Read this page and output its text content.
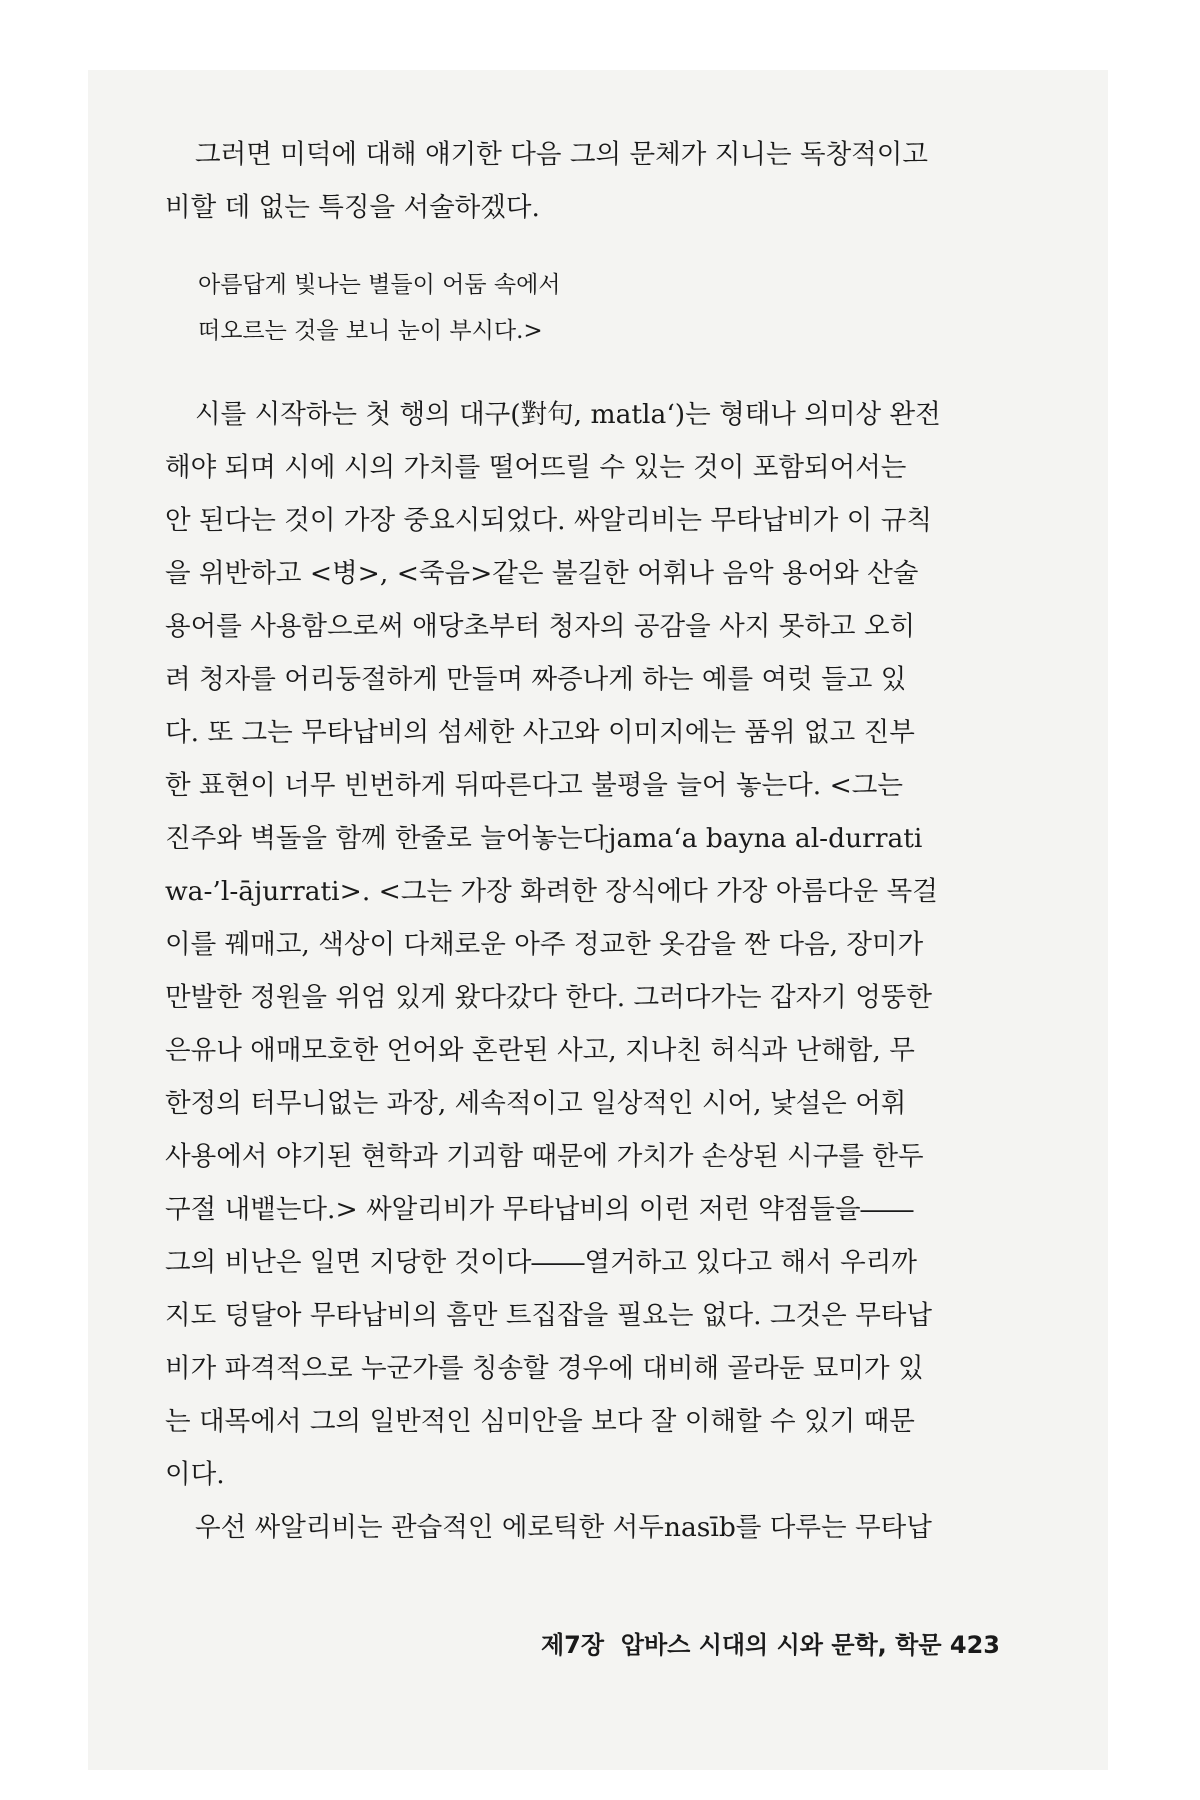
그러면 미덕에 대해 얘기한 다음 그의 문체가 지니는 독창적이고
비할 데 없는 특징을 서술하겠다.

아름답게 빛나는 별들이 어둠 속에서
떠오르는 것을 보니 눈이 부시다.>

시를 시작하는 첫 행의 대구(對句, matla‘)는 형태나 의미상 완전
해야 되며 시에 시의 가치를 떨어뜨릴 수 있는 것이 포함되어서는
안 된다는 것이 가장 중요시되었다. 싸알리비는 무타납비가 이 규칙
을 위반하고 <병>, <죽음>같은 불길한 어휘나 음악 용어와 산술
용어를 사용함으로써 애당초부터 청자의 공감을 사지 못하고 오히
려 청자를 어리둥절하게 만들며 짜증나게 하는 예를 여럿 들고 있
다. 또 그는 무타납비의 섬세한 사고와 이미지에는 품위 없고 진부
한 표현이 너무 빈번하게 뒤따른다고 불평을 늘어 놓는다. <그는
진주와 벽돌을 함께 한줄로 늘어놓는다jama‘a bayna al-durrati
wa-’l-ājurrati>. <그는 가장 화려한 장식에다 가장 아름다운 목걸
이를 꿰매고, 색상이 다채로운 아주 정교한 옷감을 짠 다음, 장미가
만발한 정원을 위엄 있게 왔다갔다 한다. 그러다가는 갑자기 엉뚱한
은유나 애매모호한 언어와 혼란된 사고, 지나친 허식과 난해함, 무
한정의 터무니없는 과장, 세속적이고 일상적인 시어, 낯설은 어휘
사용에서 야기된 현학과 기괴함 때문에 가치가 손상된 시구를 한두
구절 내뱉는다.> 싸알리비가 무타납비의 이런 저런 약점들을――
그의 비난은 일면 지당한 것이다――열거하고 있다고 해서 우리까
지도 덩달아 무타납비의 흠만 트집잡을 필요는 없다. 그것은 무타납
비가 파격적으로 누군가를 칭송할 경우에 대비해 골라둔 묘미가 있
는 대목에서 그의 일반적인 심미안을 보다 잘 이해할 수 있기 때문
이다.

우선 싸알리비는 관습적인 에로틱한 서두nasīb를 다루는 무타납

제7장 압바스 시대의 시와 문학, 학문 423
